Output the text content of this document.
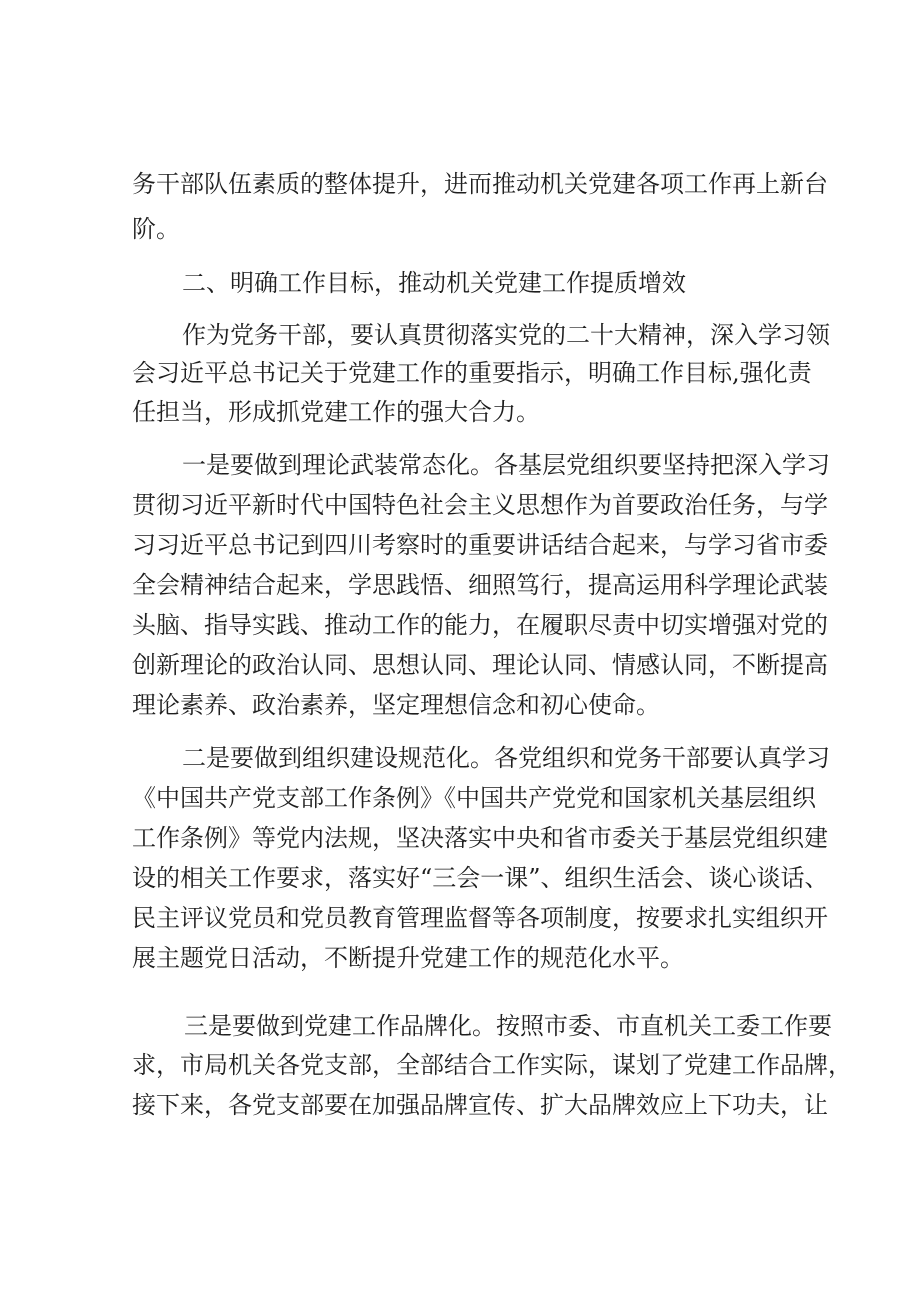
务干部队伍素质的整体提升，进而推动机关党建各项工作再上新台
阶。
二、明确工作目标，推动机关党建工作提质增效
作为党务干部，要认真贯彻落实党的二十大精神，深入学习领
会习近平总书记关于党建工作的重要指示，明确工作目标,强化责
任担当，形成抓党建工作的强大合力。
一是要做到理论武装常态化。各基层党组织要坚持把深入学习
贯彻习近平新时代中国特色社会主义思想作为首要政治任务，与学
习习近平总书记到四川考察时的重要讲话结合起来，与学习省市委
全会精神结合起来，学思践悟、细照笃行，提高运用科学理论武装
头脑、指导实践、推动工作的能力，在履职尽责中切实增强对党的
创新理论的政治认同、思想认同、理论认同、情感认同，不断提高
理论素养、政治素养，坚定理想信念和初心使命。
二是要做到组织建设规范化。各党组织和党务干部要认真学习
《中国共产党支部工作条例》《中国共产党党和国家机关基层组织
工作条例》等党内法规，坚决落实中央和省市委关于基层党组织建
设的相关工作要求，落实好“三会一课”、组织生活会、谈心谈话、
民主评议党员和党员教育管理监督等各项制度，按要求扎实组织开
展主题党日活动，不断提升党建工作的规范化水平。
三是要做到党建工作品牌化。按照市委、市直机关工委工作要
求，市局机关各党支部，全部结合工作实际，谋划了党建工作品牌，
接下来，各党支部要在加强品牌宣传、扩大品牌效应上下功夫，让
